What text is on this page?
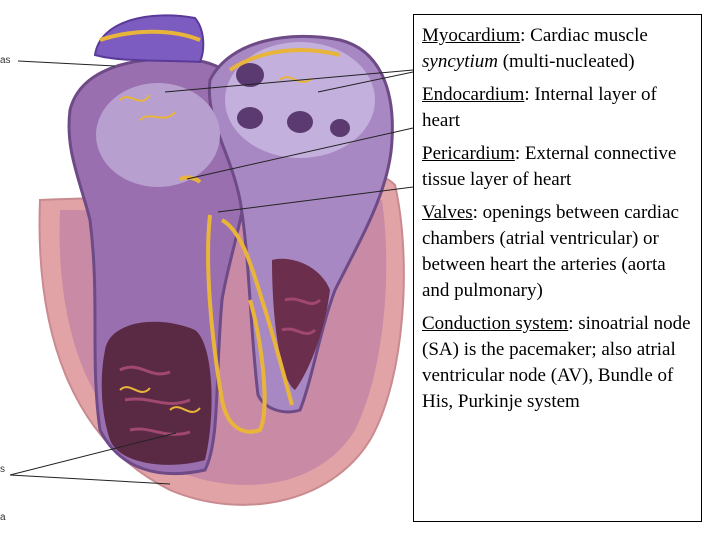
as
s
a

Myocardium: Cardiac muscle syncytium (multi-nucleated)

Endocardium: Internal layer of heart

Pericardium: External connective tissue layer of heart

Valves: openings between cardiac chambers (atrial ventricular) or between heart the arteries (aorta and pulmonary)

Conduction system: sinoatrial node (SA) is the pacemaker; also atrial ventricular node (AV), Bundle of His, Purkinje system
